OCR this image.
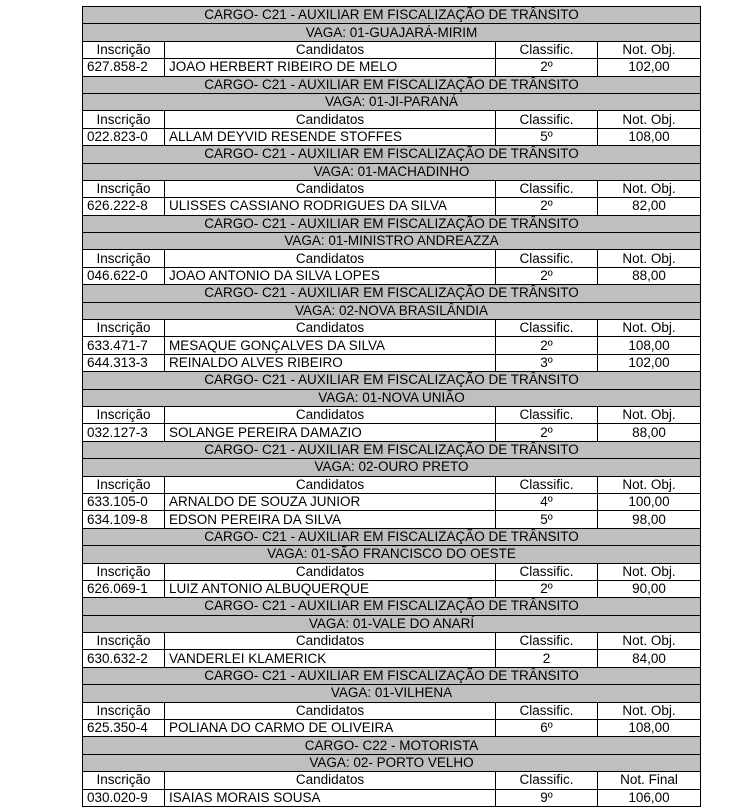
CARGO- C21 - AUXILIAR EM FISCALIZAÇÃO DE TRÂNSITO			
VAGA: 01-GUAJARÁ-MIRIM			
Inscrição	Candidatos	Classific.	Not. Obj.
627.858-2	JOAO HERBERT RIBEIRO DE MELO	2º	102,00
CARGO- C21 - AUXILIAR EM FISCALIZAÇÃO DE TRÂNSITO			
VAGA: 01-JI-PARANÁ			
Inscrição	Candidatos	Classific.	Not. Obj.
022.823-0	ALLAM DEYVID RESENDE STOFFES	5º	108,00
CARGO- C21 - AUXILIAR EM FISCALIZAÇÃO DE TRÂNSITO			
VAGA: 01-MACHADINHO			
Inscrição	Candidatos	Classific.	Not. Obj.
626.222-8	ULISSES CASSIANO RODRIGUES DA SILVA	2º	82,00
CARGO- C21 - AUXILIAR EM FISCALIZAÇÃO DE TRÂNSITO			
VAGA: 01-MINISTRO ANDREAZZA			
Inscrição	Candidatos	Classific.	Not. Obj.
046.622-0	JOAO ANTONIO DA SILVA LOPES	2º	88,00
CARGO- C21 - AUXILIAR EM FISCALIZAÇÃO DE TRÂNSITO			
VAGA: 02-NOVA BRASILÂNDIA			
Inscrição	Candidatos	Classific.	Not. Obj.
633.471-7	MESAQUE GONÇALVES DA SILVA	2º	108,00
644.313-3	REINALDO ALVES RIBEIRO	3º	102,00
CARGO- C21 - AUXILIAR EM FISCALIZAÇÃO DE TRÂNSITO			
VAGA: 01-NOVA UNIÃO			
Inscrição	Candidatos	Classific.	Not. Obj.
032.127-3	SOLANGE PEREIRA DAMAZIO	2º	88,00
CARGO- C21 - AUXILIAR EM FISCALIZAÇÃO DE TRÂNSITO			
VAGA: 02-OURO PRETO			
Inscrição	Candidatos	Classific.	Not. Obj.
633.105-0	ARNALDO DE SOUZA JUNIOR	4º	100,00
634.109-8	EDSON PEREIRA DA SILVA	5º	98,00
CARGO- C21 - AUXILIAR EM FISCALIZAÇÃO DE TRÂNSITO			
VAGA: 01-SÃO FRANCISCO DO OESTE			
Inscrição	Candidatos	Classific.	Not. Obj.
626.069-1	LUIZ ANTONIO ALBUQUERQUE	2º	90,00
CARGO- C21 - AUXILIAR EM FISCALIZAÇÃO DE TRÂNSITO			
VAGA: 01-VALE DO ANARÍ			
Inscrição	Candidatos	Classific.	Not. Obj.
630.632-2	VANDERLEI KLAMERICK	2	84,00
CARGO- C21 - AUXILIAR EM FISCALIZAÇÃO DE TRÂNSITO			
VAGA: 01-VILHENA			
Inscrição	Candidatos	Classific.	Not. Obj.
625.350-4	POLIANA DO CARMO DE OLIVEIRA	6º	108,00
CARGO- C22 - MOTORISTA			
VAGA: 02- PORTO VELHO			
Inscrição	Candidatos	Classific.	Not. Final
030.020-9	ISAIAS MORAIS SOUSA	9º	106,00
